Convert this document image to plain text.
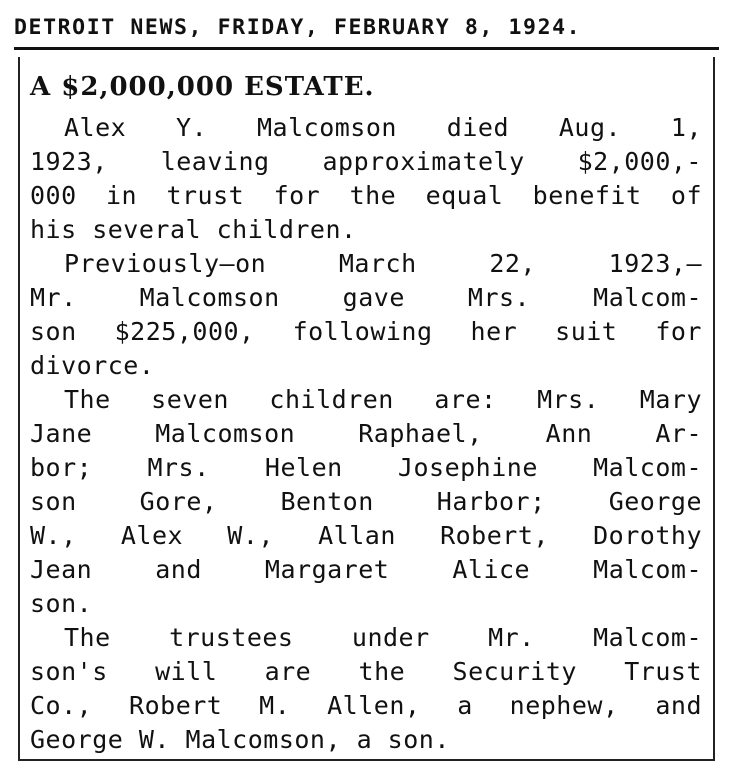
DETROIT NEWS, FRIDAY, FEBRUARY 8, 1924.
A $2,000,000 ESTATE.
Alex Y. Malcomson died Aug. 1,
1923, leaving approximately $2,000,-
000 in trust for the equal benefit of
his several children.
Previously—on March 22, 1923,—
Mr. Malcomson gave Mrs. Malcom-
son $225,000, following her suit for
divorce.
The seven children are: Mrs. Mary
Jane Malcomson Raphael, Ann Ar-
bor; Mrs. Helen Josephine Malcom-
son Gore, Benton Harbor; George
W., Alex W., Allan Robert, Dorothy
Jean and Margaret Alice Malcom-
son.
The trustees under Mr. Malcom-
son's will are the Security Trust
Co., Robert M. Allen, a nephew, and
George W. Malcomson, a son.
